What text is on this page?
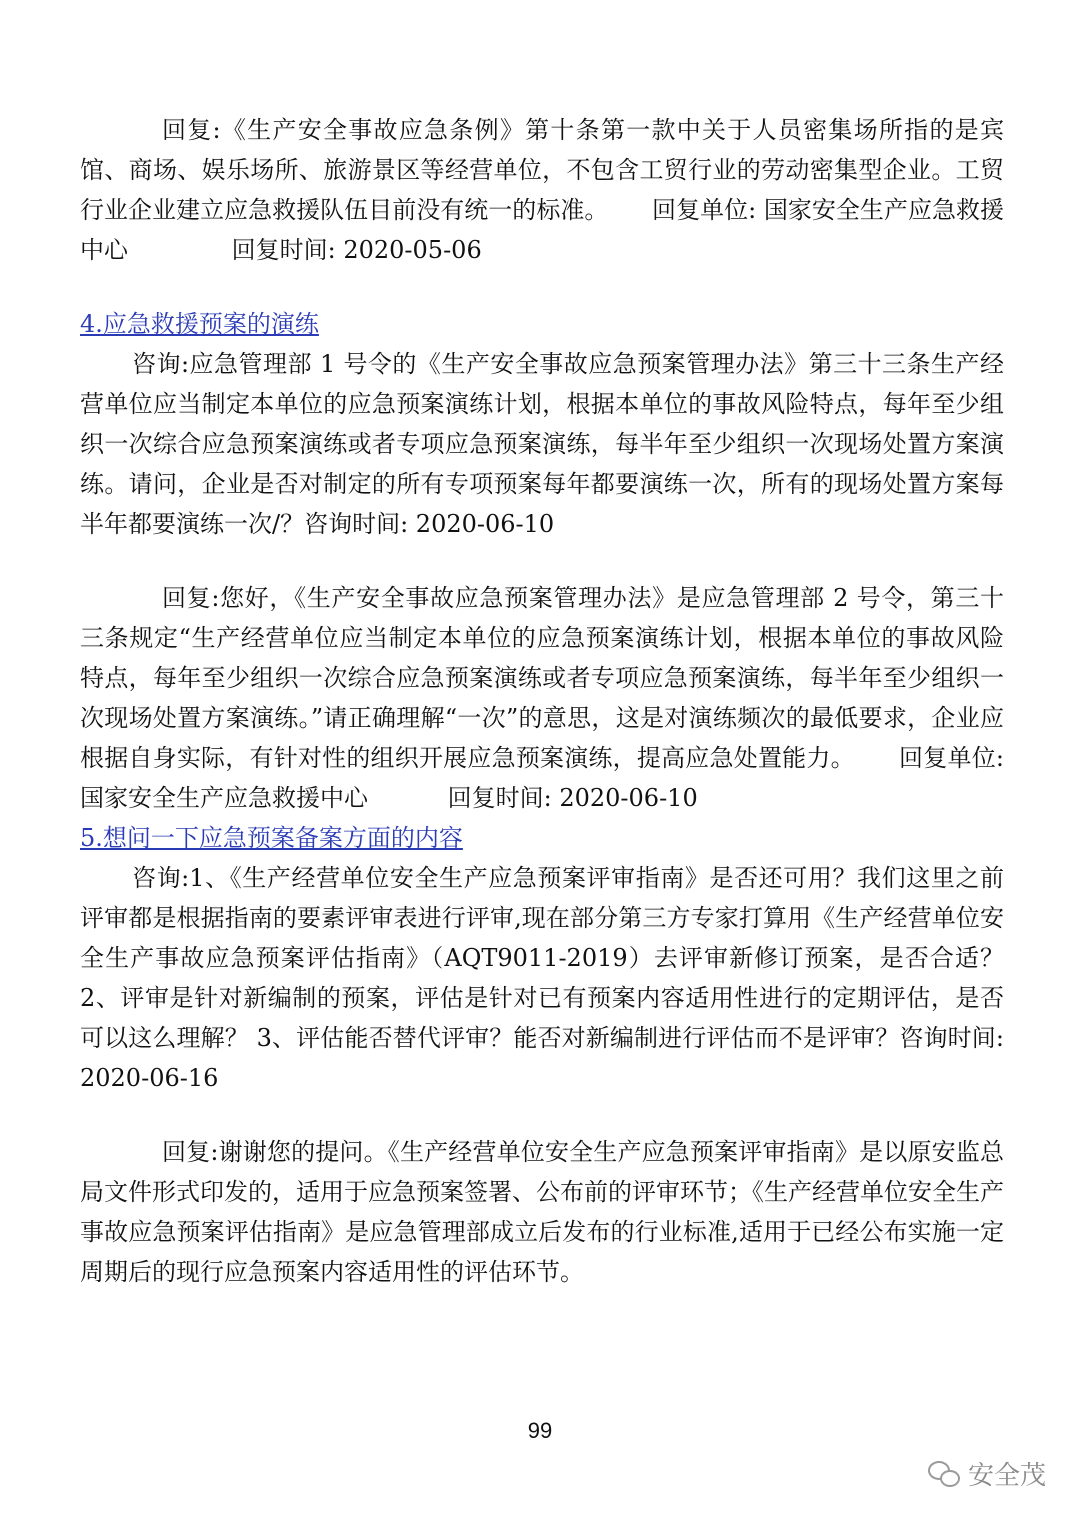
回复:《生产安全事故应急条例》第十条第一款中关于人员密集场所指的是宾馆、商场、娱乐场所、旅游景区等经营单位，不包含工贸行业的劳动密集型企业。工贸行业企业建立应急救援队伍目前没有统一的标准。　　 回复单位: 国家安全生产应急救援中心　　　　 回复时间: 2020-05-06

4.应急救援预案的演练

咨询:应急管理部 1 号令的《生产安全事故应急预案管理办法》第三十三条生产经营单位应当制定本单位的应急预案演练计划，根据本单位的事故风险特点，每年至少组织一次综合应急预案演练或者专项应急预案演练，每半年至少组织一次现场处置方案演练。请问，企业是否对制定的所有专项预案每年都要演练一次，所有的现场处置方案每半年都要演练一次/？咨询时间: 2020-06-10

回复:您好，《生产安全事故应急预案管理办法》是应急管理部 2 号令，第三十三条规定“生产经营单位应当制定本单位的应急预案演练计划，根据本单位的事故风险特点，每年至少组织一次综合应急预案演练或者专项应急预案演练，每半年至少组织一次现场处置方案演练。”请正确理解“一次”的意思，这是对演练频次的最低要求，企业应根据自身实际，有针对性的组织开展应急预案演练，提高应急处置能力。　　 回复单位: 国家安全生产应急救援中心　　　 回复时间: 2020-06-10

5.想问一下应急预案备案方面的内容

咨询:1、《生产经营单位安全生产应急预案评审指南》是否还可用？我们这里之前评审都是根据指南的要素评审表进行评审,现在部分第三方专家打算用《生产经营单位安全生产事故应急预案评估指南》（AQT9011-2019）去评审新修订预案，是否合适？ 2、评审是针对新编制的预案，评估是针对已有预案内容适用性进行的定期评估，是否可以这么理解？ 3、评估能否替代评审？能否对新编制进行评估而不是评审？咨询时间: 2020-06-16

回复:谢谢您的提问。《生产经营单位安全生产应急预案评审指南》是以原安监总局文件形式印发的，适用于应急预案签署、公布前的评审环节；《生产经营单位安全生产事故应急预案评估指南》是应急管理部成立后发布的行业标准,适用于已经公布实施一定周期后的现行应急预案内容适用性的评估环节。

99
安全茂
